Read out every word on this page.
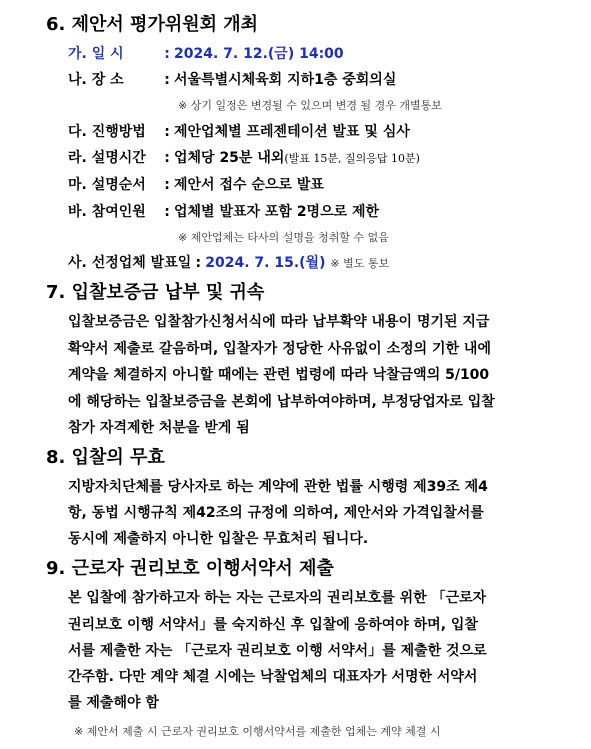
6. 제안서 평가위원회 개최
가. 일 시	: 2024. 7. 12.(금) 14:00
나. 장 소	: 서울특별시체육회 지하1층 중회의실
※ 상기 일정은 변경될 수 있으며 변경 될 경우 개별통보
다. 진행방법 : 제안업체별 프레젠테이션 발표 및 심사
라. 설명시간 : 업체당 25분 내외(발표 15분, 질의응답 10분)
마. 설명순서 : 제안서 접수 순으로 발표
바. 참여인원 : 업체별 발표자 포함 2명으로 제한
※ 제안업체는 타사의 설명을 청취할 수 없음
사. 선정업체 발표일 : 2024. 7. 15.(월) ※ 별도 통보
7. 입찰보증금 납부 및 귀속
입찰보증금은 입찰참가신청서식에 따라 납부확약 내용이 명기된 지급
확약서 제출로 갈음하며, 입찰자가 정당한 사유없이 소정의 기한 내에
계약을 체결하지 아니할 때에는 관련 법령에 따라 낙찰금액의 5/100
에 해당하는 입찰보증금을 본회에 납부하여야하며, 부정당업자로 입찰
참가 자격제한 처분을 받게 됨
8. 입찰의 무효
지방자치단체를 당사자로 하는 계약에 관한 법률 시행령 제39조 제4
항, 동법 시행규칙 제42조의 규정에 의하여, 제안서와 가격입찰서를
동시에 제출하지 아니한 입찰은 무효처리 됩니다.
9. 근로자 권리보호 이행서약서 제출
본 입찰에 참가하고자 하는 자는 근로자의 권리보호를 위한 「근로자
권리보호 이행 서약서」를 숙지하신 후 입찰에 응하여야 하며, 입찰
서를 제출한 자는 「근로자 권리보호 이행 서약서」를 제출한 것으로
간주함. 다만 계약 체결 시에는 낙찰업체의 대표자가 서명한 서약서
를 제출해야 함
※ 제안서 제출 시 근로자 권리보호 이행서약서를 제출한 업체는 계약 체결 시
